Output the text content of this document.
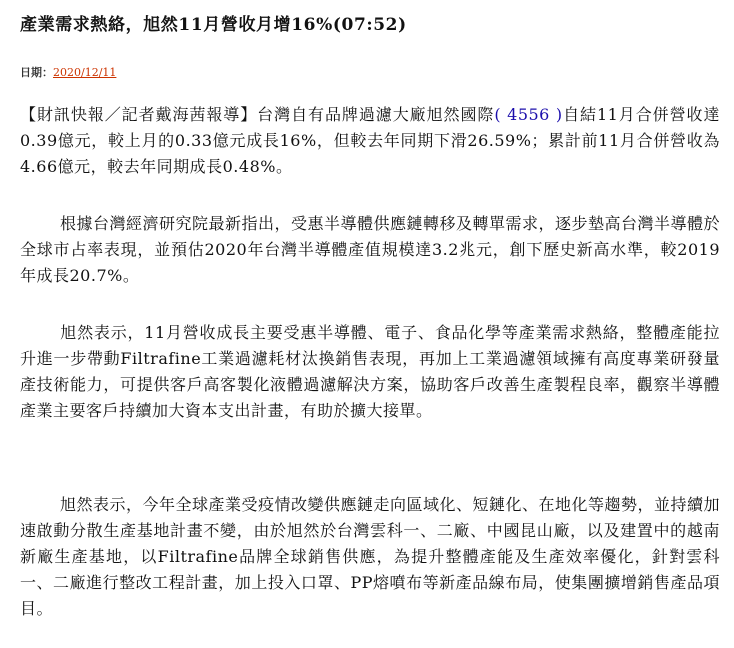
產業需求熱絡，旭然11月營收月增16%(07:52)
日期：2020/12/11

【財訊快報／記者戴海茜報導】台灣自有品牌過濾大廠旭然國際( 4556 )自結11月合併營收達0.39億元，較上月的0.33億元成長16%，但較去年同期下滑26.59%；累計前11月合併營收為4.66億元，較去年同期成長0.48%。

根據台灣經濟研究院最新指出，受惠半導體供應鏈轉移及轉單需求，逐步墊高台灣半導體於全球市占率表現，並預估2020年台灣半導體產值規模達3.2兆元，創下歷史新高水準，較2019年成長20.7%。

旭然表示，11月營收成長主要受惠半導體、電子、食品化學等產業需求熱絡，整體產能拉升進一步帶動Filtrafine工業過濾耗材汰換銷售表現，再加上工業過濾領域擁有高度專業研發量產技術能力，可提供客戶高客製化液體過濾解決方案，協助客戶改善生產製程良率，觀察半導體產業主要客戶持續加大資本支出計畫，有助於擴大接單。

旭然表示，今年全球產業受疫情改變供應鏈走向區域化、短鏈化、在地化等趨勢，並持續加速啟動分散生產基地計畫不變，由於旭然於台灣雲科一、二廠、中國昆山廠，以及建置中的越南新廠生產基地，以Filtrafine品牌全球銷售供應，為提升整體產能及生產效率優化，針對雲科一、二廠進行整改工程計畫，加上投入口罩、PP熔噴布等新產品線布局，使集團擴增銷售產品項目。
